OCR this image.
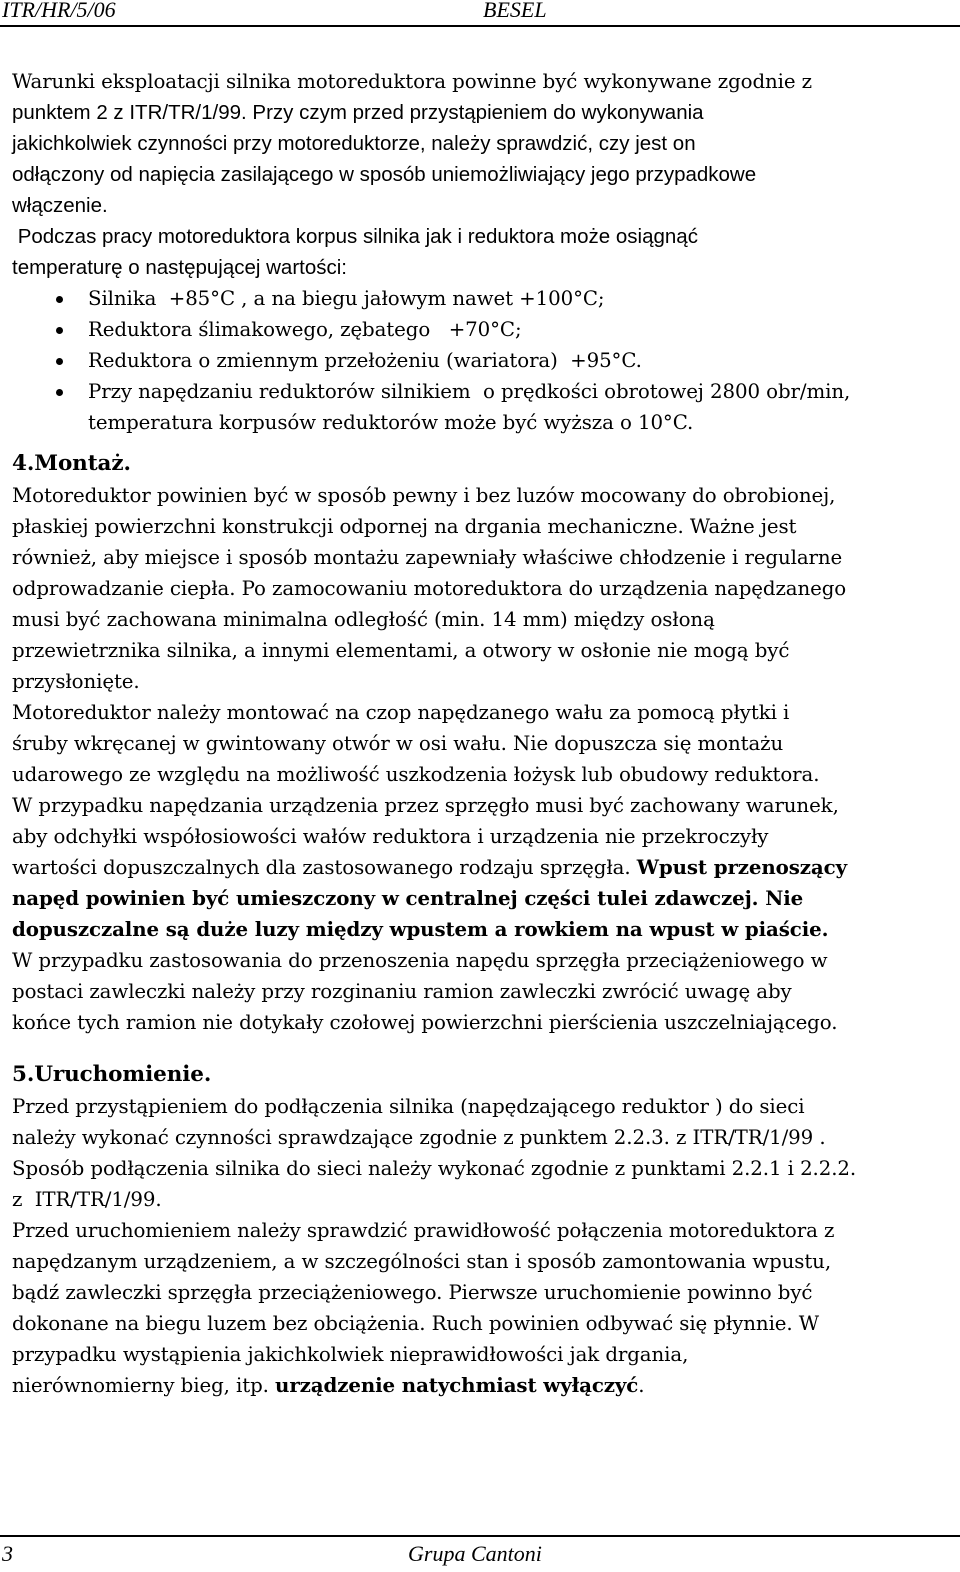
ITR/HR/5/06	BESEL
Warunki eksploatacji silnika motoreduktora powinne być wykonywane zgodnie z
punktem 2 z ITR/TR/1/99. Przy czym przed przystąpieniem do wykonywania
jakichkolwiek czynności przy motoreduktorze, należy sprawdzić, czy jest on
odłączony od napięcia zasilającego w sposób uniemożliwiający jego przypadkowe
włączenie.
Podczas pracy motoreduktora korpus silnika jak i reduktora może osiągnąć
temperaturę o następującej wartości:
Silnika  +85°C , a na biegu jałowym nawet +100°C;
Reduktora ślimakowego, zębatego   +70°C;
Reduktora o zmiennym przełożeniu (wariatora)  +95°C.
Przy napędzaniu reduktorów silnikiem  o prędkości obrotowej 2800 obr/min,
temperatura korpusów reduktorów może być wyższa o 10°C.
4.Montaż.
Motoreduktor powinien być w sposób pewny i bez luzów mocowany do obrobionej,
płaskiej powierzchni konstrukcji odpornej na drgania mechaniczne. Ważne jest
również, aby miejsce i sposób montażu zapewniały właściwe chłodzenie i regularne
odprowadzanie ciepła. Po zamocowaniu motoreduktora do urządzenia napędzanego
musi być zachowana minimalna odległość (min. 14 mm) między osłoną
przewietrznika silnika, a innymi elementami, a otwory w osłonie nie mogą być
przysłonięte.
Motoreduktor należy montować na czop napędzanego wału za pomocą płytki i
śruby wkręcanej w gwintowany otwór w osi wału. Nie dopuszcza się montażu
udarowego ze względu na możliwość uszkodzenia łożysk lub obudowy reduktora.
W przypadku napędzania urządzenia przez sprzęgło musi być zachowany warunek,
aby odchyłki współosiowości wałów reduktora i urządzenia nie przekroczyły
wartości dopuszczalnych dla zastosowanego rodzaju sprzęgła. Wpust przenoszący
napęd powinien być umieszczony w centralnej części tulei zdawczej. Nie
dopuszczalne są duże luzy między wpustem a rowkiem na wpust w piaście.
W przypadku zastosowania do przenoszenia napędu sprzęgła przeciążeniowego w
postaci zawleczki należy przy rozginaniu ramion zawleczki zwrócić uwagę aby
końce tych ramion nie dotykały czołowej powierzchni pierścienia uszczelniającego.
5.Uruchomienie.
Przed przystąpieniem do podłączenia silnika (napędzającego reduktor ) do sieci
należy wykonać czynności sprawdzające zgodnie z punktem 2.2.3. z ITR/TR/1/99 .
Sposób podłączenia silnika do sieci należy wykonać zgodnie z punktami 2.2.1 i 2.2.2.
z  ITR/TR/1/99.
Przed uruchomieniem należy sprawdzić prawidłowość połączenia motoreduktora z
napędzanym urządzeniem, a w szczególności stan i sposób zamontowania wpustu,
bądź zawleczki sprzęgła przeciążeniowego. Pierwsze uruchomienie powinno być
dokonane na biegu luzem bez obciążenia. Ruch powinien odbywać się płynnie. W
przypadku wystąpienia jakichkolwiek nieprawidłowości jak drgania,
nierównomierny bieg, itp. urządzenie natychmiast wyłączyć.
3	Grupa Cantoni
